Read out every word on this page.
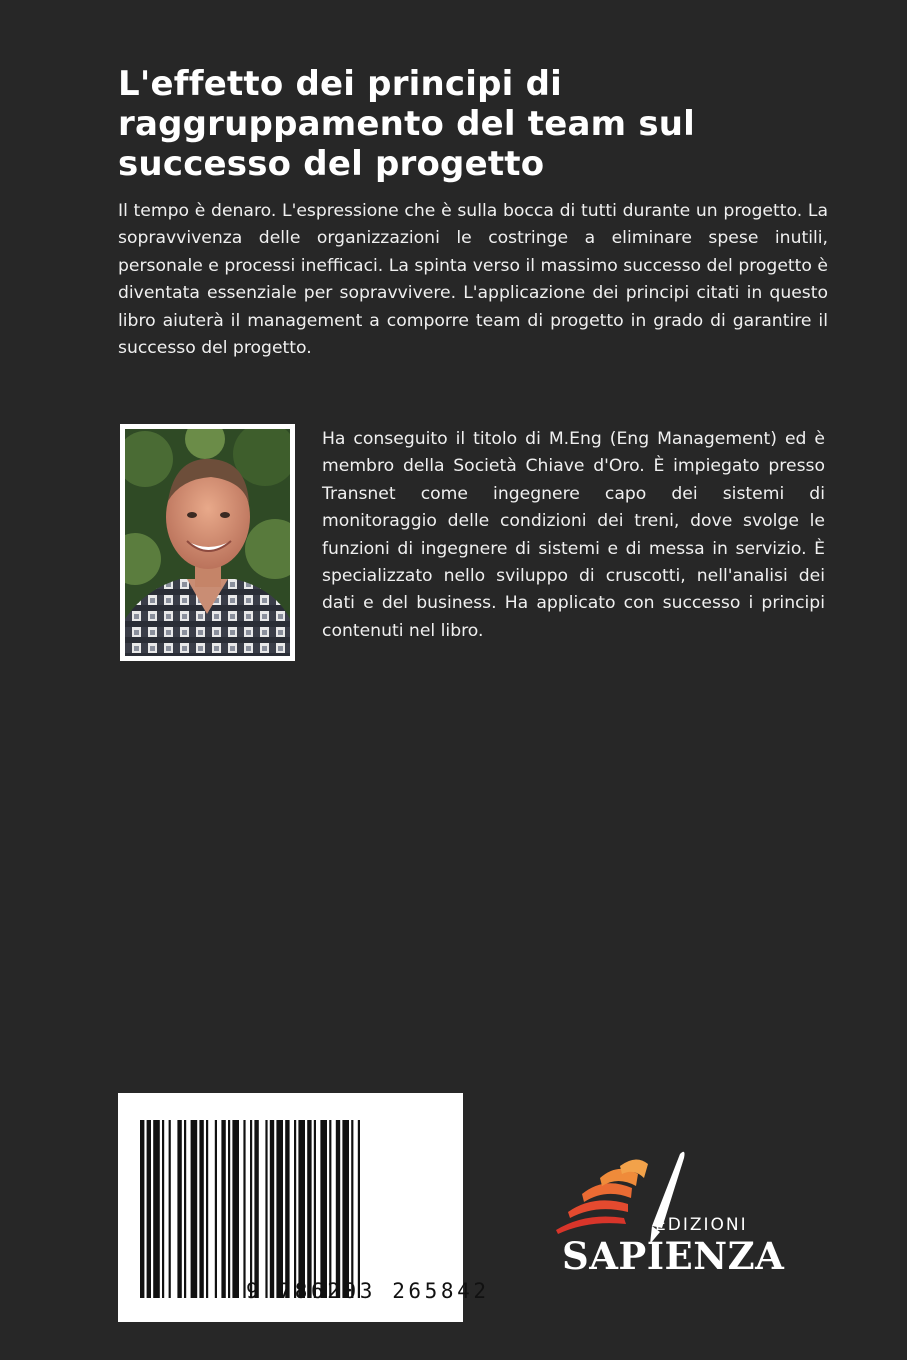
L'effetto dei principi di raggruppamento del team sul successo del progetto

Il tempo è denaro. L'espressione che è sulla bocca di tutti durante un progetto. La sopravvivenza delle organizzazioni le costringe a eliminare spese inutili, personale e processi inefficaci. La spinta verso il massimo successo del progetto è diventata essenziale per sopravvivere. L'applicazione dei principi citati in questo libro aiuterà il management a comporre team di progetto in grado di garantire il successo del progetto.

Ha conseguito il titolo di M.Eng (Eng Management) ed è membro della Società Chiave d'Oro. È impiegato presso Transnet come ingegnere capo dei sistemi di monitoraggio delle condizioni dei treni, dove svolge le funzioni di ingegnere di sistemi e di messa in servizio. È specializzato nello sviluppo di cruscotti, nell'analisi dei dati e del business. Ha applicato con successo i principi contenuti nel libro.

9 786203 265842
EDIZIONI
SAPIENZA
